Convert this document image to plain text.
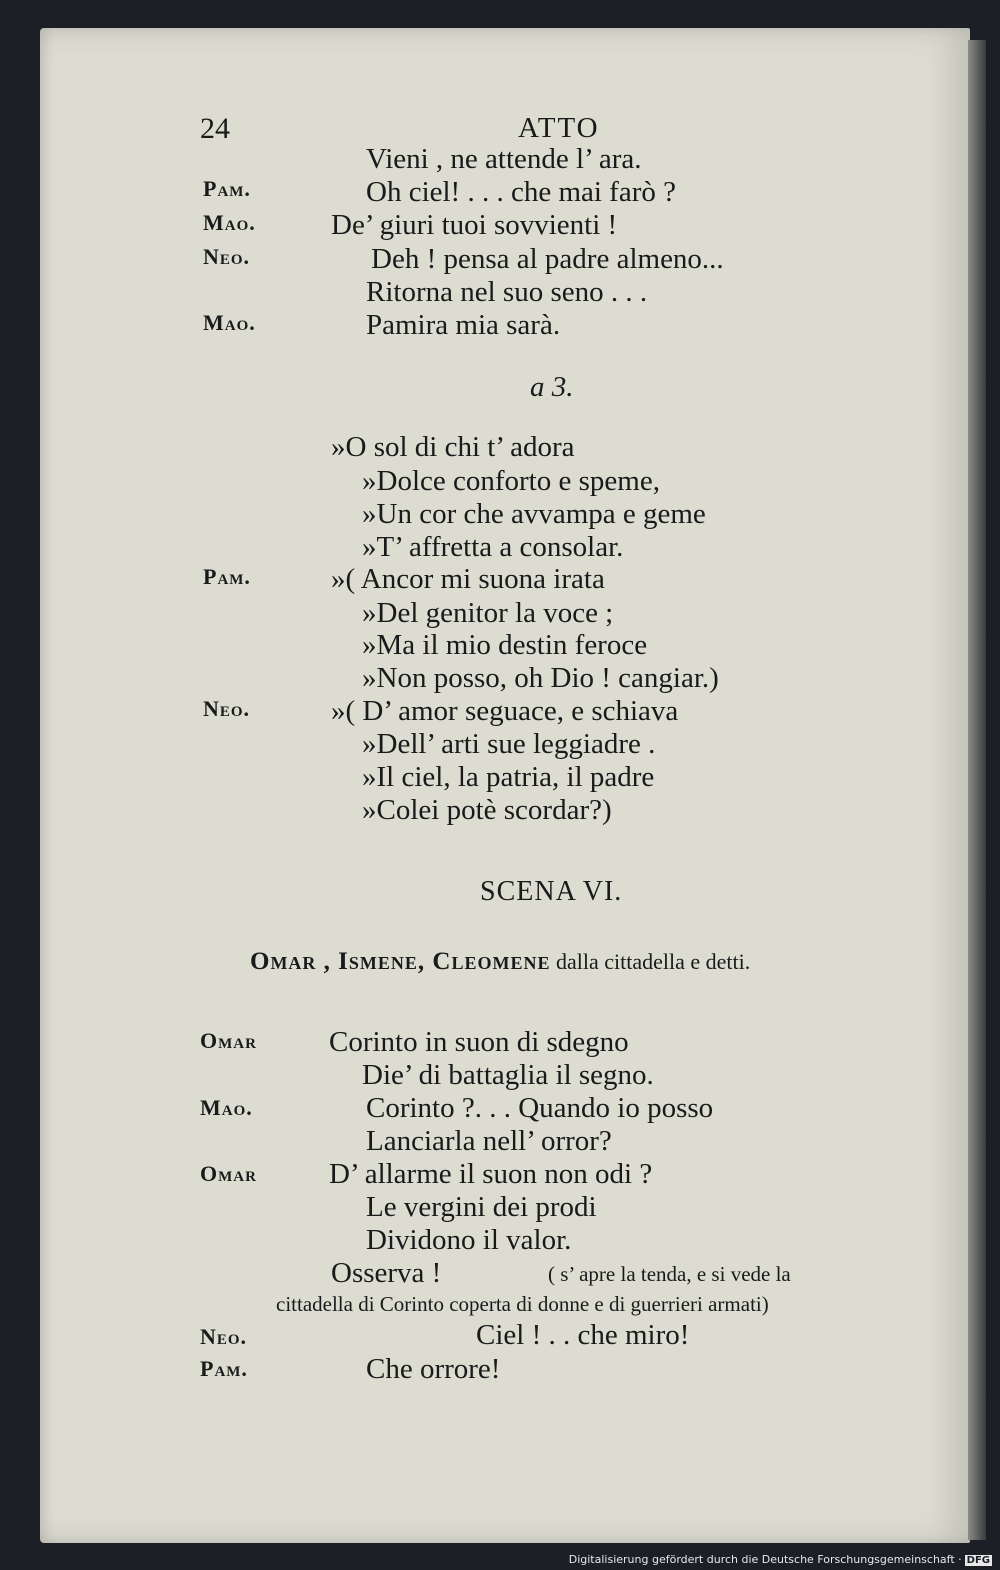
24	ATTO
Vieni , ne attende l’ ara.
Pam.	Oh ciel! . . . che mai farò ?
Mao.	De’ giuri tuoi sovvienti !
Neo.	Deh ! pensa al padre almeno...
Ritorna nel suo seno . . .
Mao.	Pamira mia sarà.
a 3.
»O sol di chi t’ adora
»Dolce conforto e speme,
»Un cor che avvampa e geme
»T’ affretta a consolar.
Pam.	»( Ancor mi suona irata
»Del genitor la voce ;
»Ma il mio destin feroce
»Non posso, oh Dio ! cangiar.)
Neo.	»( D’ amor seguace, e schiava
»Dell’ arti sue leggiadre .
»Il ciel, la patria, il padre
»Colei potè scordar?)
SCENA VI.
Omar , Ismene, Cleomene dalla cittadella e detti.
Omar Corinto in suon di sdegno
Die’ di battaglia il segno.
Mao.	Corinto ?. . . Quando io posso
Lanciarla nell’ orror?
Omar D’ allarme il suon non odi ?
Le vergini dei prodi
Dividono il valor.
Osserva !	( s’ apre la tenda, e si vede la
cittadella di Corinto coperta di donne e di guerrieri armati)
Neo.	Ciel ! . . che miro!
Pam.	Che orrore!
Digitalisierung gefördert durch die Deutsche Forschungsgemeinschaft · DFG
